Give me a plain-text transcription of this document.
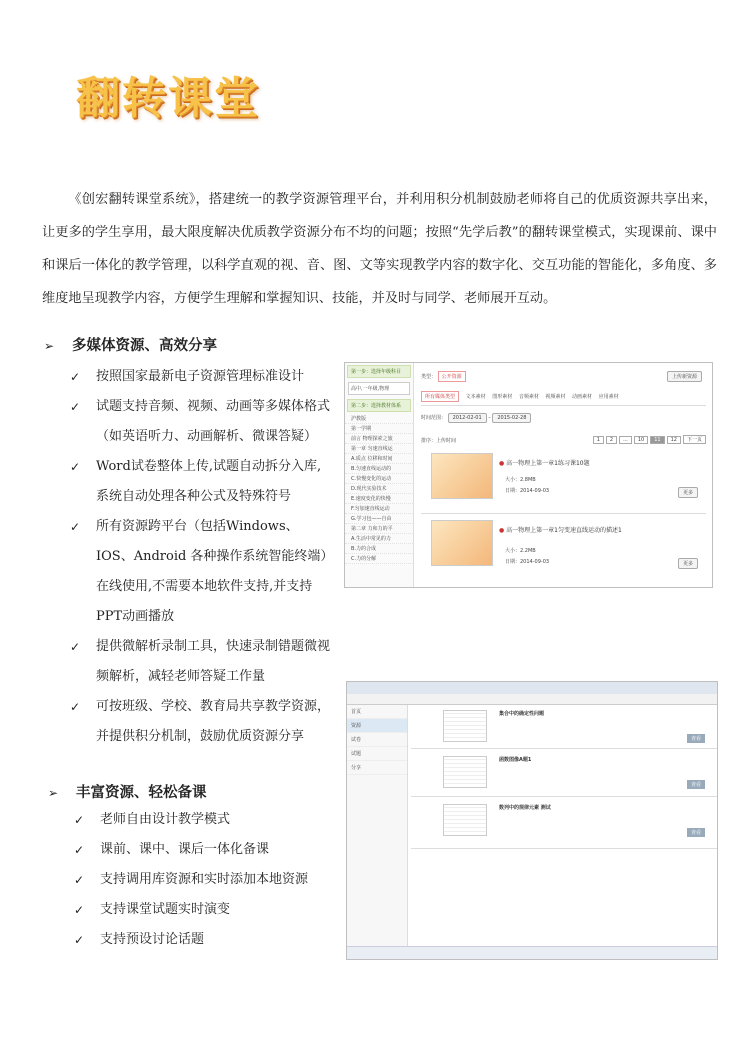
翻转课堂
《创宏翻转课堂系统》，搭建统一的教学资源管理平台，并利用积分机制鼓励老师将自己的优质资源共享出来，让更多的学生享用，最大限度解决优质教学资源分布不均的问题；按照“先学后教”的翻转课堂模式，实现课前、课中和课后一体化的教学管理，以科学直观的视、音、图、文等实现教学内容的数字化、交互功能的智能化，多角度、多维度地呈现教学内容，方便学生理解和掌握知识、技能，并及时与同学、老师展开互动。
➢ 多媒体资源、高效分享
✓	按照国家最新电子资源管理标准设计
✓	试题支持音频、视频、动画等多媒体格式（如英语听力、动画解析、微课答疑）
✓	Word试卷整体上传,试题自动拆分入库,系统自动处理各种公式及特殊符号
✓	所有资源跨平台（包括Windows、IOS、Android 各种操作系统智能终端）在线使用,不需要本地软件支持,并支持PPT动画播放
✓	提供微解析录制工具，快速录制错题微视频解析，减轻老师答疑工作量
✓	可按班级、学校、教育局共享教学资源，并提供积分机制，鼓励优质资源分享
➢ 丰富资源、轻松备课
✓	老师自由设计教学模式
✓	课前、课中、课后一体化备课
✓	支持调用库资源和实时添加本地资源
✓	支持课堂试题实时演变
✓	支持预设讨论话题
第一步：选择年级科目
高中,一年级,物理
第二步：选择教材体系
沪教版
第一学期
前言 物理探索之旅
第一章 匀速直线运
A.质点 位移和时间
B.匀速直线运动的
C.快慢变化的运动
D.现代实验技术
E.速度变化的快慢
F.匀加速直线运动
G.学习包——自由
第二章 力和力的平
A.生活中常见的力
B.力的合成
C.力的分解
类型： 公开资源	上传新资源
所有媒体类型 文本素材 图形素材 音频素材 视频素材 动画素材 应用素材
时间范围： 2012-02-01 – 2015-02-28
排序：上传时间	1 2 ... 10 11 12 下一页
● 高一物理上第一章1练习课10题
大小：2.8MB
日期：2014-09-03	更多
● 高一物理上第一章1匀变速直线运动的描述1
大小：2.2MB
日期：2014-09-03	更多
首页
资源
试卷
试题
分享
集合中的确定性问题
查看
函数图像A题1
查看
数列中的规律元素 测试
查看
